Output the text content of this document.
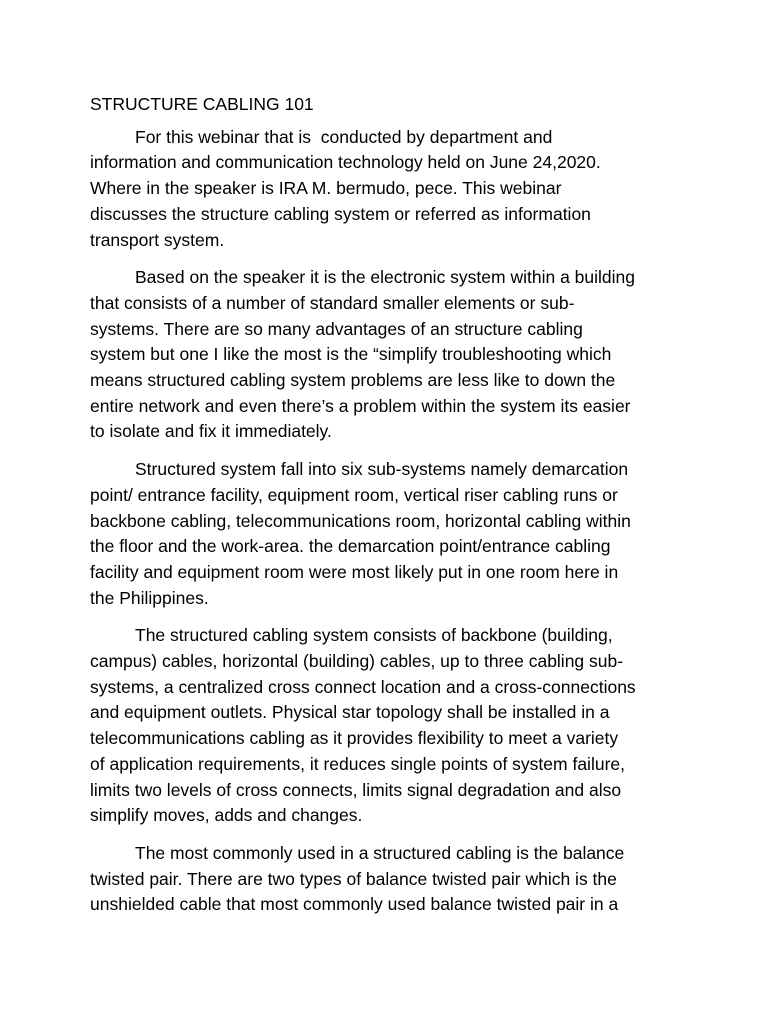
STRUCTURE CABLING 101
For this webinar that is  conducted by department and
information and communication technology held on June 24,2020.
Where in the speaker is IRA M. bermudo, pece. This webinar
discusses the structure cabling system or referred as information
transport system.
Based on the speaker it is the electronic system within a building
that consists of a number of standard smaller elements or sub-
systems. There are so many advantages of an structure cabling
system but one I like the most is the “simplify troubleshooting which
means structured cabling system problems are less like to down the
entire network and even there’s a problem within the system its easier
to isolate and fix it immediately.
Structured system fall into six sub-systems namely demarcation
point/ entrance facility, equipment room, vertical riser cabling runs or
backbone cabling, telecommunications room, horizontal cabling within
the floor and the work-area. the demarcation point/entrance cabling
facility and equipment room were most likely put in one room here in
the Philippines.
The structured cabling system consists of backbone (building,
campus) cables, horizontal (building) cables, up to three cabling sub-
systems, a centralized cross connect location and a cross-connections
and equipment outlets. Physical star topology shall be installed in a
telecommunications cabling as it provides flexibility to meet a variety
of application requirements, it reduces single points of system failure,
limits two levels of cross connects, limits signal degradation and also
simplify moves, adds and changes.
The most commonly used in a structured cabling is the balance
twisted pair. There are two types of balance twisted pair which is the
unshielded cable that most commonly used balance twisted pair in a
